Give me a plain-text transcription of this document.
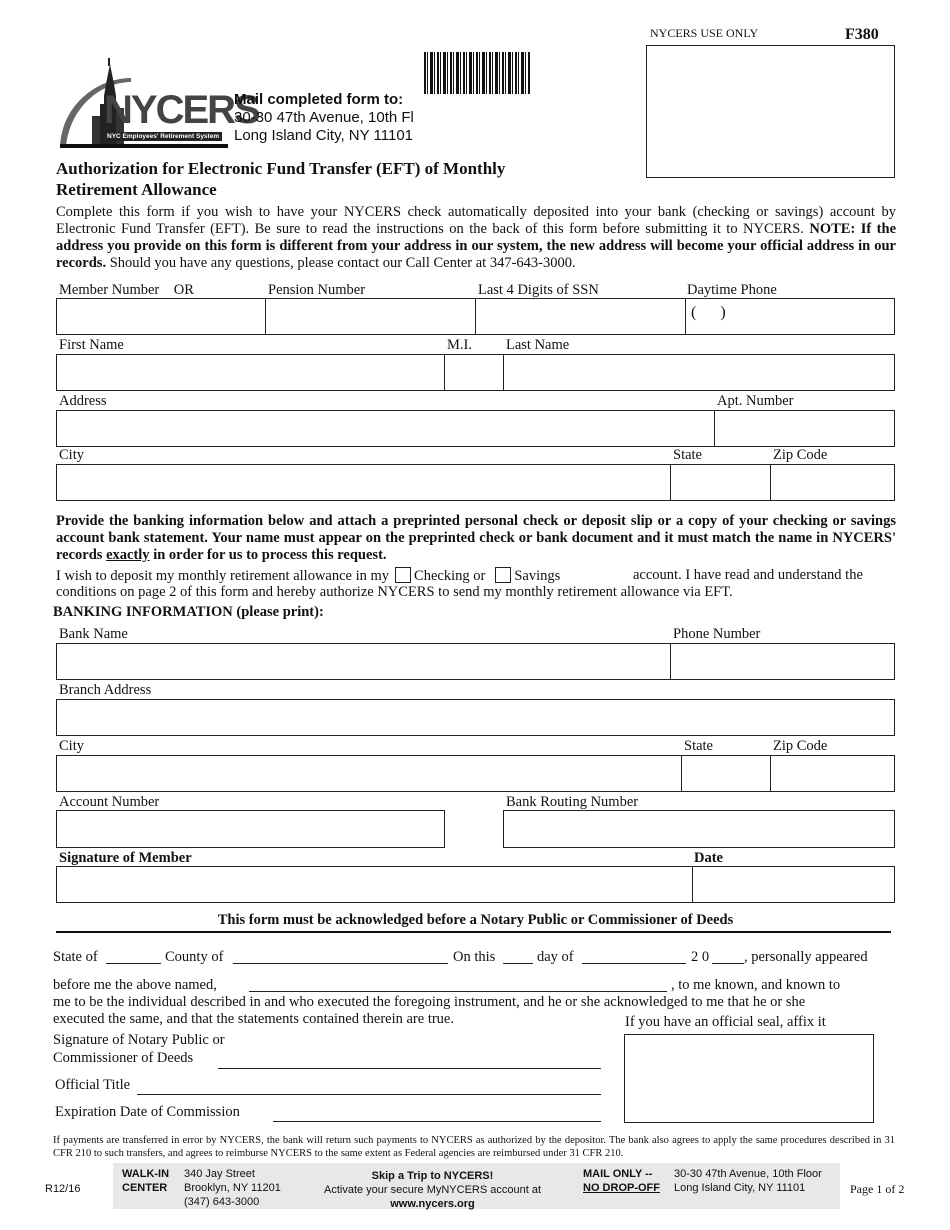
NYCERS
NYC Employees' Retirement System
Mail completed form to:
30-30 47th Avenue, 10th Fl
Long Island City, NY 11101
NYCERS USE ONLY	F380
Authorization for Electronic Fund Transfer (EFT) of Monthly
Retirement Allowance
Complete this form if you wish to have your NYCERS check automatically deposited into your bank (checking or savings) account by Electronic Fund Transfer (EFT). Be sure to read the instructions on the back of this form before submitting it to NYCERS. NOTE: If the address you provide on this form is different from your address in our system, the new address will become your official address in our records. Should you have any questions, please contact our Call Center at 347-643-3000.
Member Number OR	Pension Number	Last 4 Digits of SSN	Daytime Phone
(      )
First Name	M.I. Last Name
Address	Apt. Number
City	State	Zip Code
Provide the banking information below and attach a preprinted personal check or deposit slip or a copy of your checking or savings account bank statement. Your name must appear on the preprinted check or bank document and it must match the name in NYCERS' records exactly in order for us to process this request.
I wish to deposit my monthly retirement allowance in my Checking or Savings	account. I have read and understand the
conditions on page 2 of this form and hereby authorize NYCERS to send my monthly retirement allowance via EFT.
BANKING INFORMATION (please print):
Bank Name	Phone Number
Branch Address
City	State	Zip Code
Account Number	Bank Routing Number
Signature of Member	Date
This form must be acknowledged before a Notary Public or Commissioner of Deeds
State of	County of	On this	day of	2 0 , personally appeared
before me the above named,	, to me known, and known to
me to be the individual described in and who executed the foregoing instrument, and he or she acknowledged to me that he or she
executed the same, and that the statements contained therein are true.	If you have an official seal, affix it
Signature of Notary Public or
Commissioner of Deeds
Official Title
Expiration Date of Commission
If payments are transferred in error by NYCERS, the bank will return such payments to NYCERS as authorized by the depositor. The bank also agrees to apply the same procedures described in 31 CFR 210 to such transfers, and agrees to reimburse NYCERS to the same extent as Federal agencies are reimbursed under 31 CFR 210.
R12/16
WALK-IN
CENTER
340 Jay Street
Brooklyn, NY 11201
(347) 643-3000
Skip a Trip to NYCERS!
Activate your secure MyNYCERS account at
www.nycers.org
MAIL ONLY --
NO DROP-OFF
30-30 47th Avenue, 10th Floor
Long Island City, NY 11101	Page 1 of 2
